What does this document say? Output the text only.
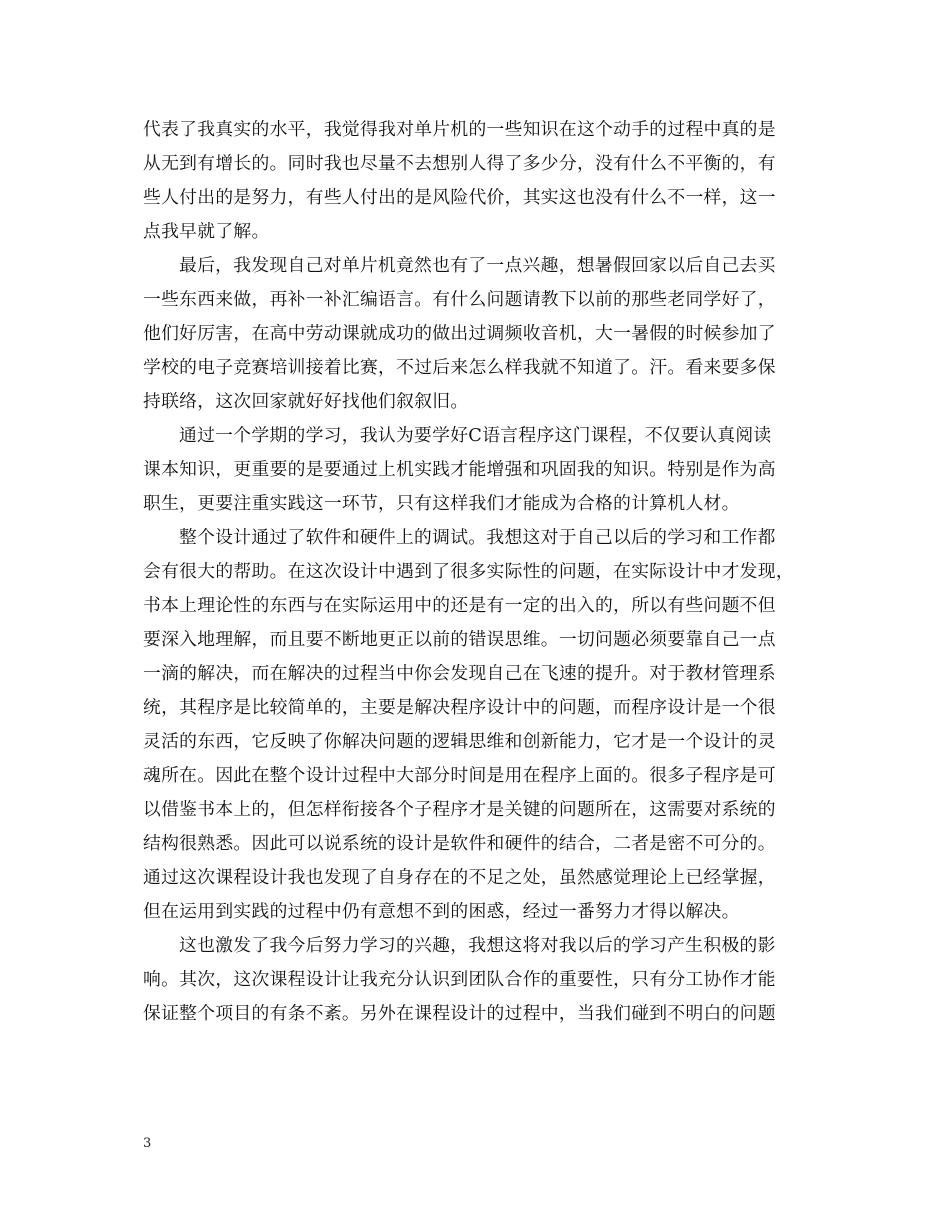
代表了我真实的水平，我觉得我对单片机的一些知识在这个动手的过程中真的是
从无到有增长的。同时我也尽量不去想别人得了多少分，没有什么不平衡的，有
些人付出的是努力，有些人付出的是风险代价，其实这也没有什么不一样，这一
点我早就了解。
最后，我发现自己对单片机竟然也有了一点兴趣，想暑假回家以后自己去买
一些东西来做，再补一补汇编语言。有什么问题请教下以前的那些老同学好了，
他们好厉害，在高中劳动课就成功的做出过调频收音机，大一暑假的时候参加了
学校的电子竞赛培训接着比赛，不过后来怎么样我就不知道了。汗。看来要多保
持联络，这次回家就好好找他们叙叙旧。
通过一个学期的学习，我认为要学好C语言程序这门课程，不仅要认真阅读
课本知识，更重要的是要通过上机实践才能增强和巩固我的知识。特别是作为高
职生，更要注重实践这一环节，只有这样我们才能成为合格的计算机人材。
整个设计通过了软件和硬件上的调试。我想这对于自己以后的学习和工作都
会有很大的帮助。在这次设计中遇到了很多实际性的问题，在实际设计中才发现，
书本上理论性的东西与在实际运用中的还是有一定的出入的，所以有些问题不但
要深入地理解，而且要不断地更正以前的错误思维。一切问题必须要靠自己一点
一滴的解决，而在解决的过程当中你会发现自己在飞速的提升。对于教材管理系
统，其程序是比较简单的，主要是解决程序设计中的问题，而程序设计是一个很
灵活的东西，它反映了你解决问题的逻辑思维和创新能力，它才是一个设计的灵
魂所在。因此在整个设计过程中大部分时间是用在程序上面的。很多子程序是可
以借鉴书本上的，但怎样衔接各个子程序才是关键的问题所在，这需要对系统的
结构很熟悉。因此可以说系统的设计是软件和硬件的结合，二者是密不可分的。
通过这次课程设计我也发现了自身存在的不足之处，虽然感觉理论上已经掌握，
但在运用到实践的过程中仍有意想不到的困惑，经过一番努力才得以解决。
这也激发了我今后努力学习的兴趣，我想这将对我以后的学习产生积极的影
响。其次，这次课程设计让我充分认识到团队合作的重要性，只有分工协作才能
保证整个项目的有条不紊。另外在课程设计的过程中，当我们碰到不明白的问题
3
